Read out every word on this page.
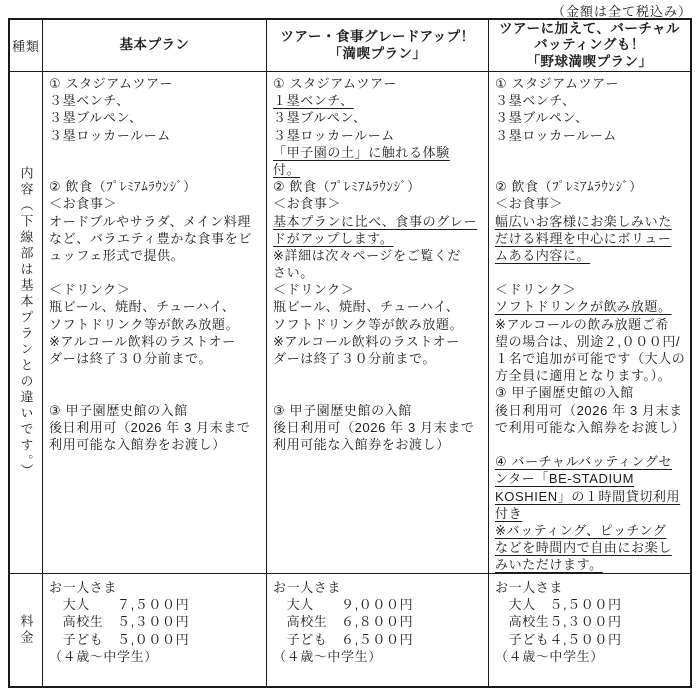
（金額は全て税込み）
種類	基本プラン
ツアー・食事グレードアップ！
「満喫プラン」
ツアーに加えて、バーチャル
バッティングも！
「野球満喫プラン」
内容（下線部は基本プランとの違いです。）
① スタジアムツアー
３塁ベンチ、
３塁ブルペン、
３塁ロッカールーム

② 飲食（ﾌﾟﾚﾐｱﾑﾗｳﾝｼﾞ）
＜お食事＞
オードブルやサラダ、メイン料理
など、バラエティ豊かな食事をビ
ュッフェ形式で提供。

＜ドリンク＞
瓶ビール、焼酎、チューハイ、
ソフトドリンク等が飲み放題。
※アルコール飲料のラストオー
ダーは終了３０分前まで。

③ 甲子園歴史館の入館
後日利用可（2026 年 3 月末まで
利用可能な入館券をお渡し）
① スタジアムツアー
１塁ベンチ、
３塁ブルペン、
３塁ロッカールーム
「甲子園の土」に触れる体験
付。
② 飲食（ﾌﾟﾚﾐｱﾑﾗｳﾝｼﾞ）
＜お食事＞
基本プランに比べ、食事のグレー
ドがアップします。
※詳細は次々ページをご覧くだ
さい。
＜ドリンク＞
瓶ビール、焼酎、チューハイ、
ソフトドリンク等が飲み放題。
※アルコール飲料のラストオー
ダーは終了３０分前まで。

③ 甲子園歴史館の入館
後日利用可（2026 年 3 月末まで
利用可能な入館券をお渡し）
① スタジアムツアー
３塁ベンチ、
３塁ブルペン、
３塁ロッカールーム

② 飲食（ﾌﾟﾚﾐｱﾑﾗｳﾝｼﾞ）
＜お食事＞
幅広いお客様にお楽しみいた
だける料理を中心にボリュー
ムある内容に。

＜ドリンク＞
ソフトドリンクが飲み放題。
※アルコールの飲み放題ご希
望の場合は、別途２,０００円/
１名で追加が可能です（大人の
方全員に適用となります。）。
③ 甲子園歴史館の入館
後日利用可（2026 年 3 月末ま
で利用可能な入館券をお渡し）

④ バーチャルバッティングセ
ンター「BE-STADIUM
KOSHIEN」の１時間貸切利用
付き
※バッティング、ピッチング
などを時間内で自由にお楽し
みいただけます。
料金
お一人さま
　大人　　７,５００円
　高校生　５,３００円
　子ども　５,０００円
（４歳～中学生）
お一人さま
　大人　　９,０００円
　高校生　６,８００円
　子ども　６,５００円
（４歳～中学生）
お一人さま
　大人　５,５００円
　高校生５,３００円
　子ども４,５００円
（４歳～中学生）
